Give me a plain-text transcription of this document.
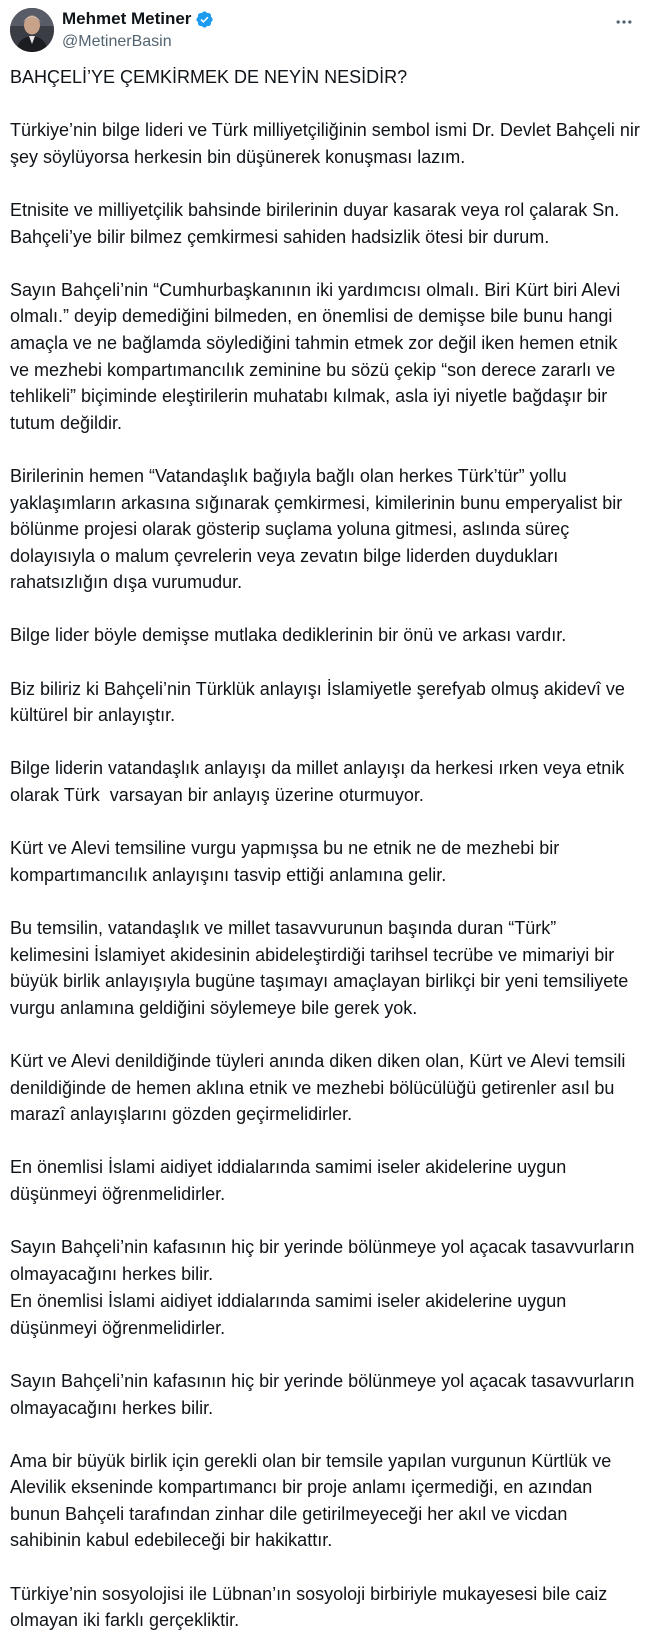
Mehmet Metiner
@MetinerBasin

BAHÇELİ’YE ÇEMKİRMEK DE NEYİN NESİDİR?

Türkiye’nin bilge lideri ve Türk milliyetçiliğinin sembol ismi Dr. Devlet Bahçeli nir şey söylüyorsa herkesin bin düşünerek konuşması lazım.

Etnisite ve milliyetçilik bahsinde birilerinin duyar kasarak veya rol çalarak Sn. Bahçeli’ye bilir bilmez çemkirmesi sahiden hadsizlik ötesi bir durum.

Sayın Bahçeli’nin “Cumhurbaşkanının iki yardımcısı olmalı. Biri Kürt biri Alevi olmalı.” deyip demediğini bilmeden, en önemlisi de demişse bile bunu hangi amaçla ve ne bağlamda söylediğini tahmin etmek zor değil iken hemen etnik ve mezhebi kompartımancılık zeminine bu sözü çekip “son derece zararlı ve tehlikeli” biçiminde eleştirilerin muhatabı kılmak, asla iyi niyetle bağdaşır bir tutum değildir.

Birilerinin hemen “Vatandaşlık bağıyla bağlı olan herkes Türk’tür” yollu yaklaşımların arkasına sığınarak çemkirmesi, kimilerinin bunu emperyalist bir bölünme projesi olarak gösterip suçlama yoluna gitmesi, aslında süreç dolayısıyla o malum çevrelerin veya zevatın bilge liderden duydukları rahatsızlığın dışa vurumudur.

Bilge lider böyle demişse mutlaka dediklerinin bir önü ve arkası vardır.

Biz biliriz ki Bahçeli’nin Türklük anlayışı İslamiyetle şerefyab olmuş akidevî ve kültürel bir anlayıştır.

Bilge liderin vatandaşlık anlayışı da millet anlayışı da herkesi ırken veya etnik olarak Türk  varsayan bir anlayış üzerine oturmuyor.

Kürt ve Alevi temsiline vurgu yapmışsa bu ne etnik ne de mezhebi bir kompartımancılık anlayışını tasvip ettiği anlamına gelir.

Bu temsilin, vatandaşlık ve millet tasavvurunun başında duran “Türk” kelimesini İslamiyet akidesinin abideleştirdiği tarihsel tecrübe ve mimariyi bir büyük birlik anlayışıyla bugüne taşımayı amaçlayan birlikçi bir yeni temsiliyete vurgu anlamına geldiğini söylemeye bile gerek yok.

Kürt ve Alevi denildiğinde tüyleri anında diken diken olan, Kürt ve Alevi temsili denildiğinde de hemen aklına etnik ve mezhebi bölücülüğü getirenler asıl bu marazî anlayışlarını gözden geçirmelidirler.

En önemlisi İslami aidiyet iddialarında samimi iseler akidelerine uygun düşünmeyi öğrenmelidirler.

Sayın Bahçeli’nin kafasının hiç bir yerinde bölünmeye yol açacak tasavvurların olmayacağını herkes bilir.

En önemlisi İslami aidiyet iddialarında samimi iseler akidelerine uygun düşünmeyi öğrenmelidirler.

Sayın Bahçeli’nin kafasının hiç bir yerinde bölünmeye yol açacak tasavvurların olmayacağını herkes bilir.

Ama bir büyük birlik için gerekli olan bir temsile yapılan vurgunun Kürtlük ve Alevilik ekseninde kompartımancı bir proje anlamı içermediği, en azından bunun Bahçeli tarafından zinhar dile getirilmeyeceği her akıl ve vicdan sahibinin kabul edebileceği bir hakikattır.

Türkiye’nin sosyolojisi ile Lübnan’ın sosyoloji birbiriyle mukayesesi bile caiz olmayan iki farklı gerçekliktir.
